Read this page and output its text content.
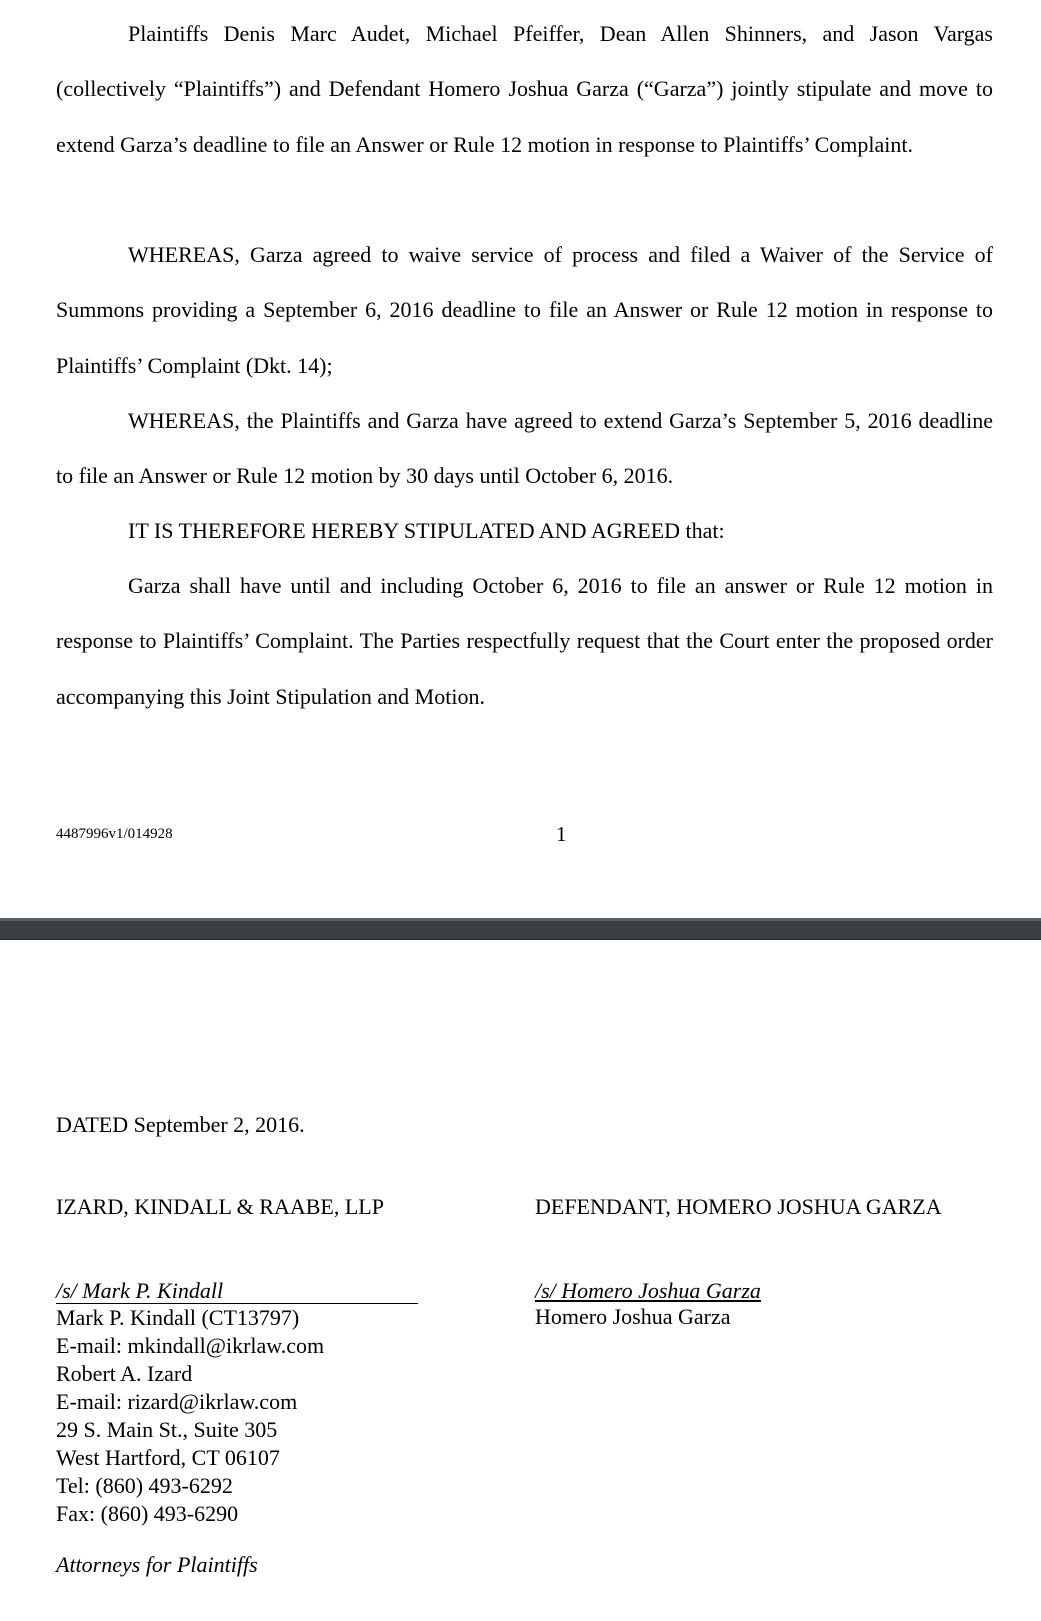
Plaintiffs Denis Marc Audet, Michael Pfeiffer, Dean Allen Shinners, and Jason Vargas (collectively “Plaintiffs”) and Defendant Homero Joshua Garza (“Garza”) jointly stipulate and move to extend Garza’s deadline to file an Answer or Rule 12 motion in response to Plaintiffs’ Complaint.

WHEREAS, Garza agreed to waive service of process and filed a Waiver of the Service of Summons providing a September 6, 2016 deadline to file an Answer or Rule 12 motion in response to Plaintiffs’ Complaint (Dkt. 14);

WHEREAS, the Plaintiffs and Garza have agreed to extend Garza’s September 5, 2016 deadline to file an Answer or Rule 12 motion by 30 days until October 6, 2016.

IT IS THEREFORE HEREBY STIPULATED AND AGREED that:

Garza shall have until and including October 6, 2016 to file an answer or Rule 12 motion in response to Plaintiffs’ Complaint. The Parties respectfully request that the Court enter the proposed order accompanying this Joint Stipulation and Motion.

4487996v1/014928	1

DATED September 2, 2016.

IZARD, KINDALL & RAABE, LLP	DEFENDANT, HOMERO JOSHUA GARZA

/s/ Mark P. Kindall
Mark P. Kindall (CT13797)
E-mail: mkindall@ikrlaw.com
Robert A. Izard
E-mail: rizard@ikrlaw.com
29 S. Main St., Suite 305
West Hartford, CT 06107
Tel: (860) 493-6292
Fax: (860) 493-6290
/s/ Homero Joshua Garza
Homero Joshua Garza

Attorneys for Plaintiffs
